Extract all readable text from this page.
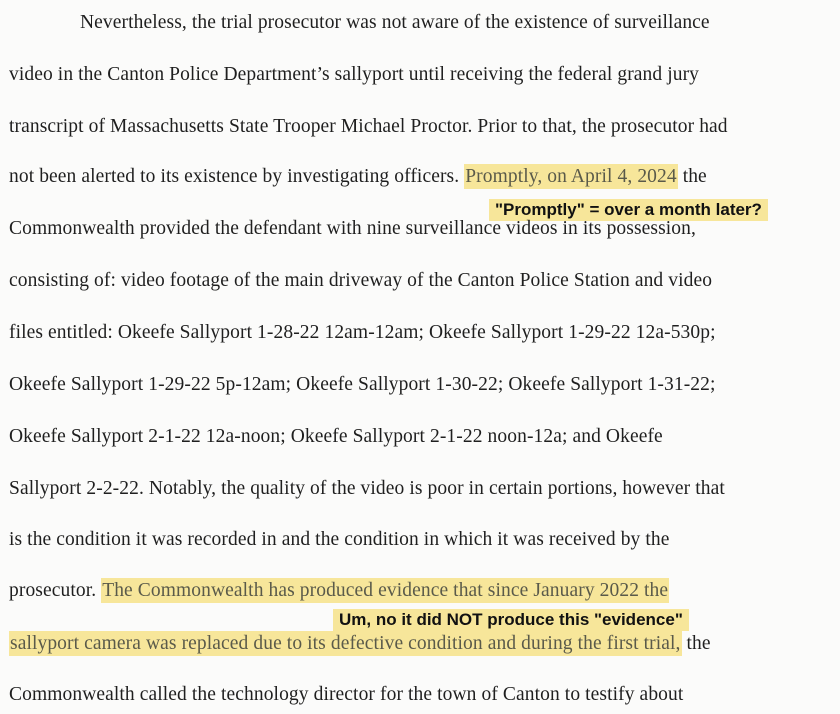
Nevertheless, the trial prosecutor was not aware of the existence of surveillance
video in the Canton Police Department’s sallyport until receiving the federal grand jury
transcript of Massachusetts State Trooper Michael Proctor. Prior to that, the prosecutor had
not been alerted to its existence by investigating officers. Promptly, on April 4, 2024 the
"Promptly" = over a month later?
Commonwealth provided the defendant with nine surveillance videos in its possession,
consisting of: video footage of the main driveway of the Canton Police Station and video
files entitled: Okeefe Sallyport 1-28-22 12am-12am; Okeefe Sallyport 1-29-22 12a-530p;
Okeefe Sallyport 1-29-22 5p-12am; Okeefe Sallyport 1-30-22; Okeefe Sallyport 1-31-22;
Okeefe Sallyport 2-1-22 12a-noon; Okeefe Sallyport 2-1-22 noon-12a; and Okeefe
Sallyport 2-2-22. Notably, the quality of the video is poor in certain portions, however that
is the condition it was recorded in and the condition in which it was received by the
prosecutor. The Commonwealth has produced evidence that since January 2022 the
Um, no it did NOT produce this "evidence"
sallyport camera was replaced due to its defective condition and during the first trial, the
Commonwealth called the technology director for the town of Canton to testify about
